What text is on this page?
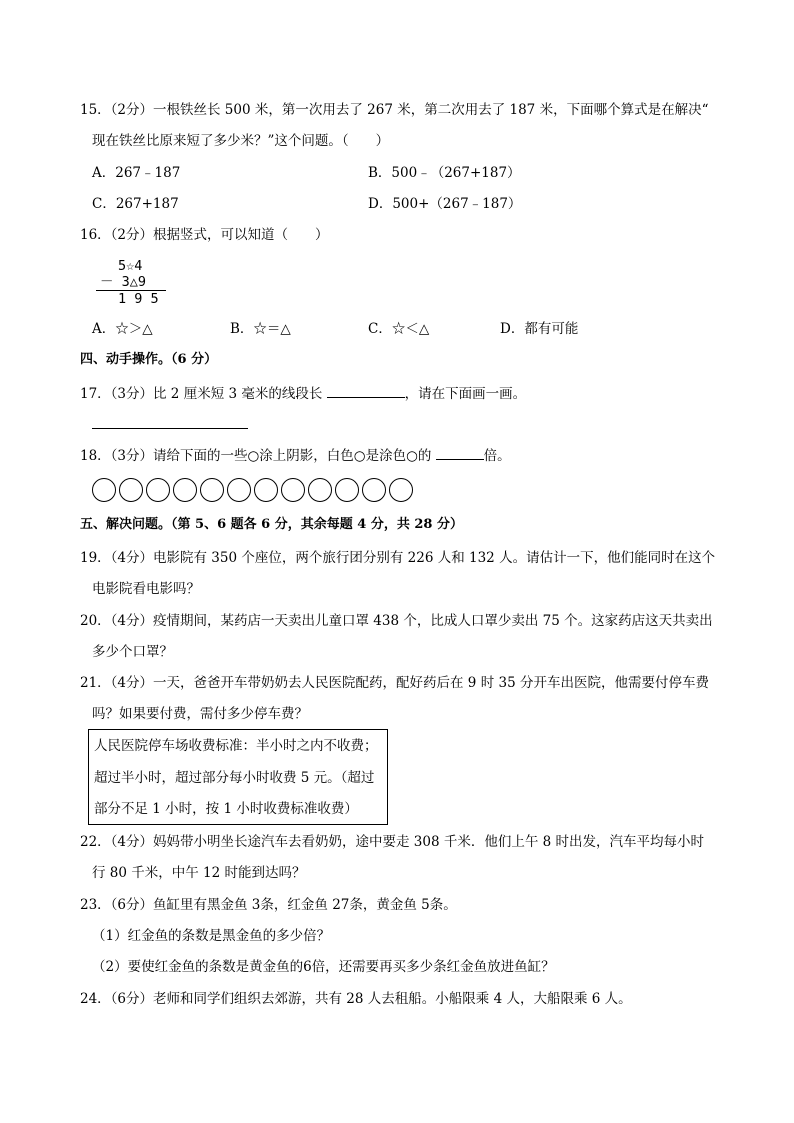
15．（2分）一根铁丝长 500 米，第一次用去了 267 米，第二次用去了 187 米，下面哪个算式是在解决“
现在铁丝比原来短了多少米？”这个问题。（　　）
A．267﹣187	B．500﹣（267+187）
C．267+187	D．500+（267﹣187）
16．（2分）根据竖式，可以知道（　　）
5☆4
－ 3△9
1 9 5
A．☆＞△	B．☆＝△	C．☆＜△	D．都有可能
四、动手操作。（6 分）
17．（3分）比 2 厘米短 3 毫米的线段长	，请在下面画一画。
18．（3分）请给下面的一些○涂上阴影，白色○是涂色○的	倍。
五、解决问题。（第 5、6 题各 6 分，其余每题 4 分，共 28 分）
19．（4分）电影院有 350 个座位，两个旅行团分别有 226 人和 132 人。请估计一下，他们能同时在这个
电影院看电影吗？
20．（4分）疫情期间，某药店一天卖出儿童口罩 438 个，比成人口罩少卖出 75 个。这家药店这天共卖出
多少个口罩？
21．（4分）一天，爸爸开车带奶奶去人民医院配药，配好药后在 9 时 35 分开车出医院，他需要付停车费
吗？如果要付费，需付多少停车费？
人民医院停车场收费标准：半小时之内不收费；
超过半小时，超过部分每小时收费 5 元。（超过
部分不足 1 小时，按 1 小时收费标准收费）
22．（4分）妈妈带小明坐长途汽车去看奶奶，途中要走 308 千米．他们上午 8 时出发，汽车平均每小时
行 80 千米，中午 12 时能到达吗？
23．（6分）鱼缸里有黑金鱼 3条，红金鱼 27条，黄金鱼 5条。
（1）红金鱼的条数是黑金鱼的多少倍？
（2）要使红金鱼的条数是黄金鱼的6倍，还需要再买多少条红金鱼放进鱼缸？
24．（6分）老师和同学们组织去郊游，共有 28 人去租船。小船限乘 4 人，大船限乘 6 人。
